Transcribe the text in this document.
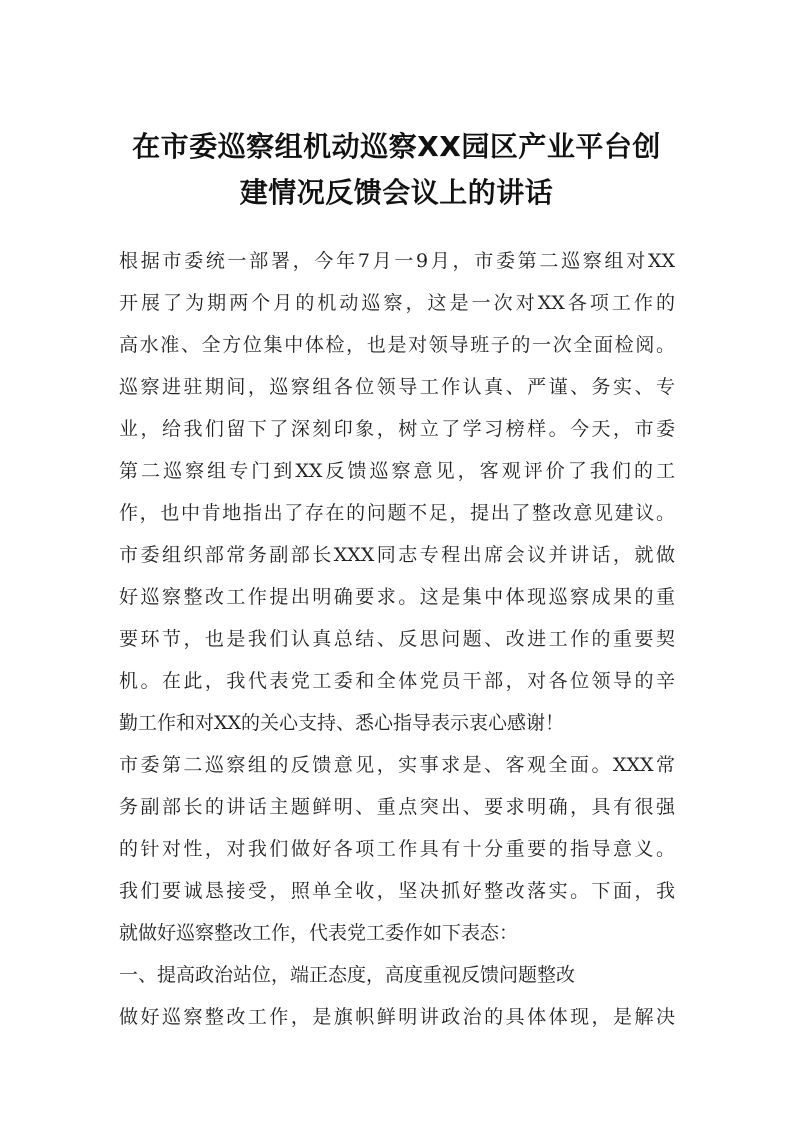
在市委巡察组机动巡察XX园区产业平台创
建情况反馈会议上的讲话
根据市委统一部署，今年7月一9月，市委第二巡察组对XX
开展了为期两个月的机动巡察，这是一次对XX各项工作的
高水准、全方位集中体检，也是对领导班子的一次全面检阅。
巡察进驻期间，巡察组各位领导工作认真、严谨、务实、专
业，给我们留下了深刻印象，树立了学习榜样。今天，市委
第二巡察组专门到XX反馈巡察意见，客观评价了我们的工
作，也中肯地指出了存在的问题不足，提出了整改意见建议。
市委组织部常务副部长XXX同志专程出席会议并讲话，就做
好巡察整改工作提出明确要求。这是集中体现巡察成果的重
要环节，也是我们认真总结、反思问题、改进工作的重要契
机。在此，我代表党工委和全体党员干部，对各位领导的辛
勤工作和对XX的关心支持、悉心指导表示衷心感谢！
市委第二巡察组的反馈意见，实事求是、客观全面。XXX常
务副部长的讲话主题鲜明、重点突出、要求明确，具有很强
的针对性，对我们做好各项工作具有十分重要的指导意义。
我们要诚恳接受，照单全收，坚决抓好整改落实。下面，我
就做好巡察整改工作，代表党工委作如下表态：
一、提高政治站位，端正态度，高度重视反馈问题整改
做好巡察整改工作，是旗帜鲜明讲政治的具体体现，是解决
